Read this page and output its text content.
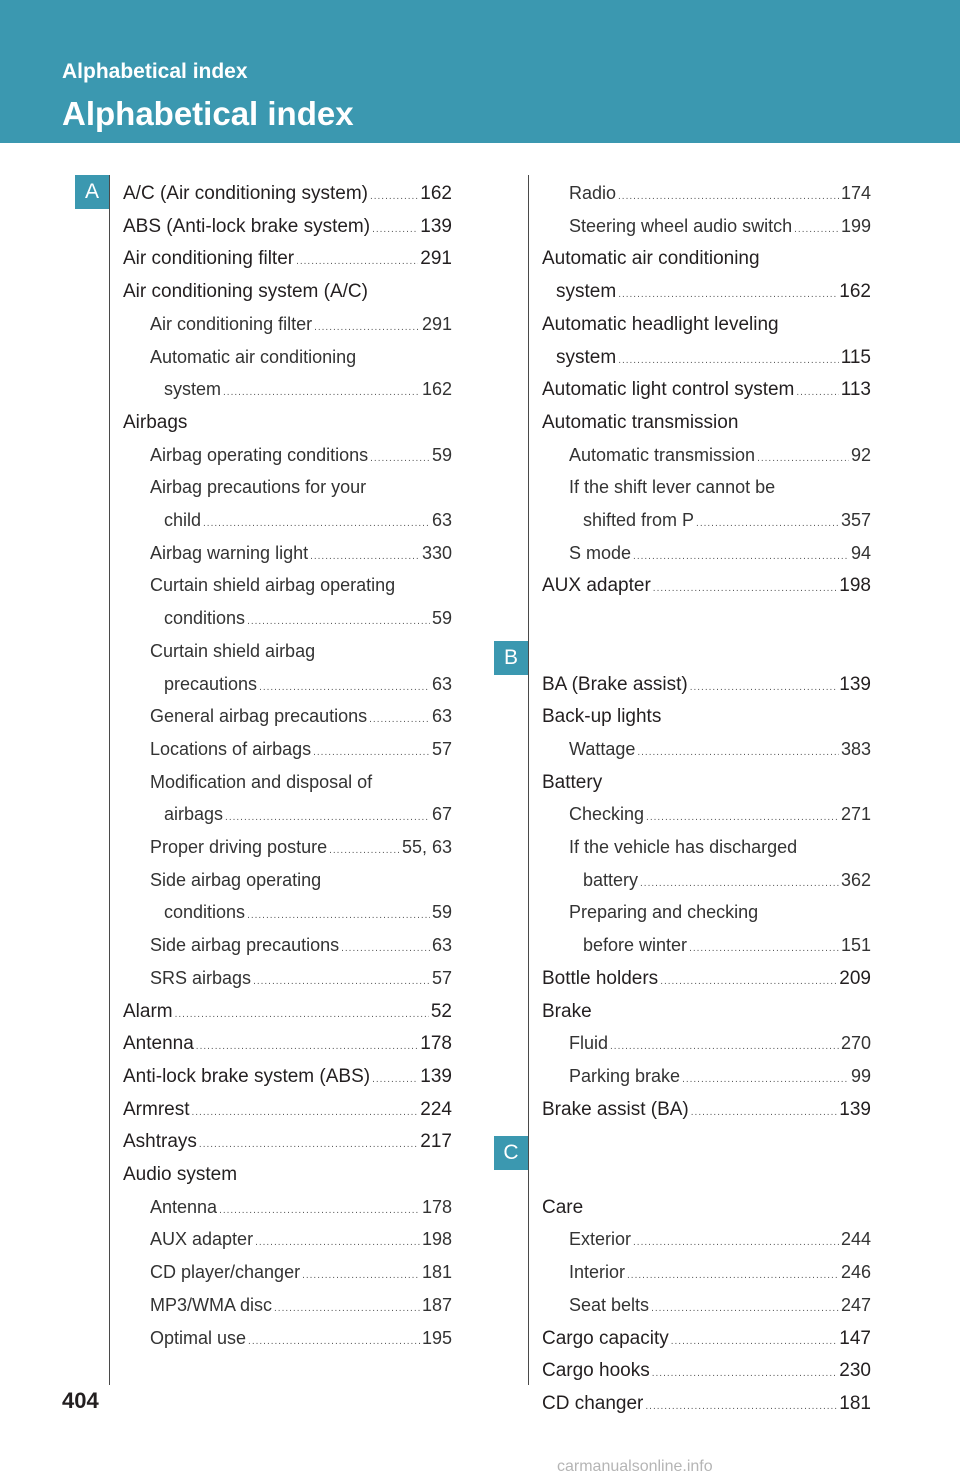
Alphabetical index
Alphabetical index
A
B
C
A/C (Air conditioning system) .....	162
ABS (Anti-lock brake system) .....	139
Air conditioning filter .....	291
Air conditioning system (A/C)
Air conditioning filter .....	291
Automatic air conditioning
system .....	162
Airbags
Airbag operating conditions .....	59
Airbag precautions for your
child .....	63
Airbag warning light .....	330
Curtain shield airbag operating
conditions .....	59
Curtain shield airbag
precautions .....	63
General airbag precautions .....	63
Locations of airbags .....	57
Modification and disposal of
airbags .....	67
Proper driving posture .....	55, 63
Side airbag operating
conditions .....	59
Side airbag precautions .....	63
SRS airbags .....	57
Alarm .....	52
Antenna .....	178
Anti-lock brake system (ABS) .....	139
Armrest .....	224
Ashtrays .....	217
Audio system
Antenna .....	178
AUX adapter .....	198
CD player/changer .....	181
MP3/WMA disc .....	187
Optimal use .....	195
Radio .....	174
Steering wheel audio switch .....	199
Automatic air conditioning
system .....	162
Automatic headlight leveling
system .....	115
Automatic light control system ..... 113
Automatic transmission
Automatic transmission .....	92
If the shift lever cannot be
shifted from P .....	357
S mode .....	94
AUX adapter .....	198
BA (Brake assist) .....	139
Back-up lights
Wattage .....	383
Battery
Checking .....	271
If the vehicle has discharged
battery .....	362
Preparing and checking
before winter .....	151
Bottle holders .....	209
Brake
Fluid .....	270
Parking brake .....	99
Brake assist (BA) .....	139
Care
Exterior .....	244
Interior .....	246
Seat belts .....	247
Cargo capacity .....	147
Cargo hooks .....	230
CD changer .....	181
404
carmanualsonline.info
